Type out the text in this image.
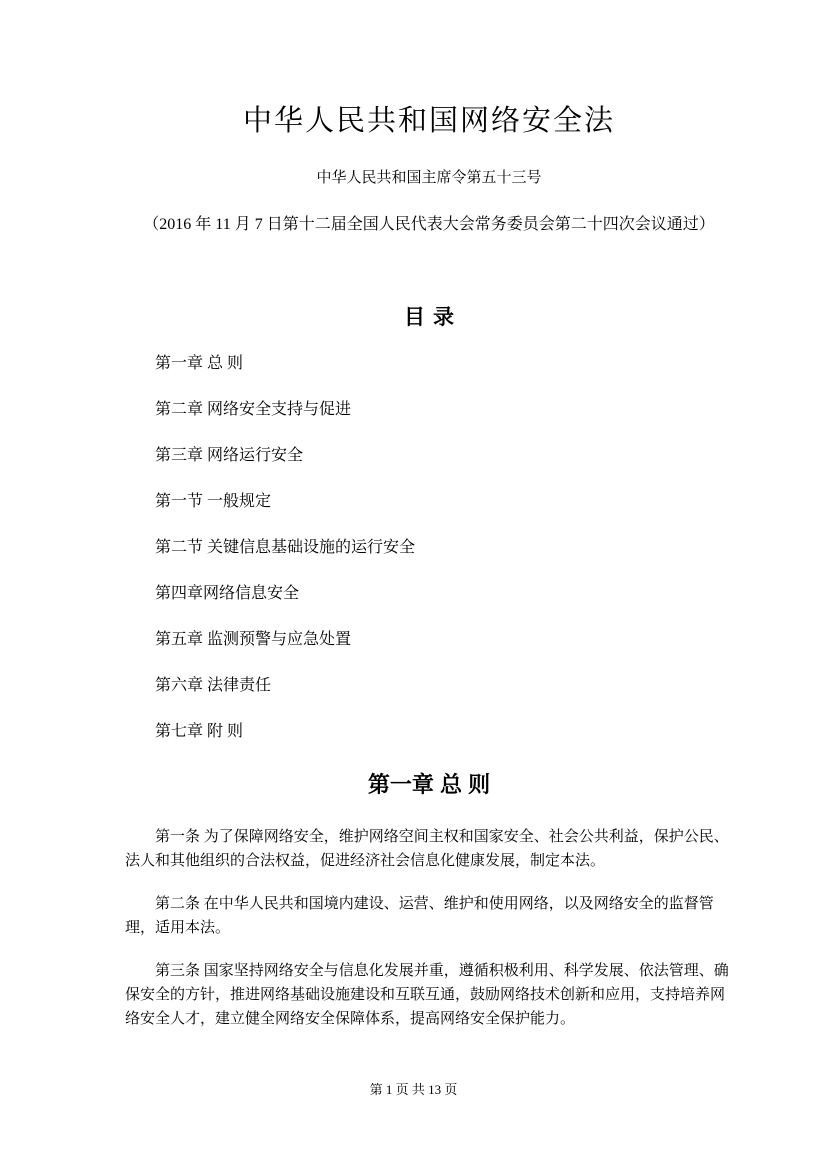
中华人民共和国网络安全法
中华人民共和国主席令第五十三号
（2016 年 11 月 7 日第十二届全国人民代表大会常务委员会第二十四次会议通过）
目录
第一章 总 则
第二章 网络安全支持与促进
第三章 网络运行安全
第一节 一般规定
第二节 关键信息基础设施的运行安全
第四章网络信息安全
第五章 监测预警与应急处置
第六章 法律责任
第七章 附 则
第一章 总 则

第一条 为了保障网络安全，维护网络空间主权和国家安全、社会公共利益，保护公民、法人和其他组织的合法权益，促进经济社会信息化健康发展，制定本法。

第二条 在中华人民共和国境内建设、运营、维护和使用网络，以及网络安全的监督管理，适用本法。

第三条 国家坚持网络安全与信息化发展并重，遵循积极利用、科学发展、依法管理、确保安全的方针，推进网络基础设施建设和互联互通，鼓励网络技术创新和应用，支持培养网络安全人才，建立健全网络安全保障体系，提高网络安全保护能力。

第 1 页 共 13 页
